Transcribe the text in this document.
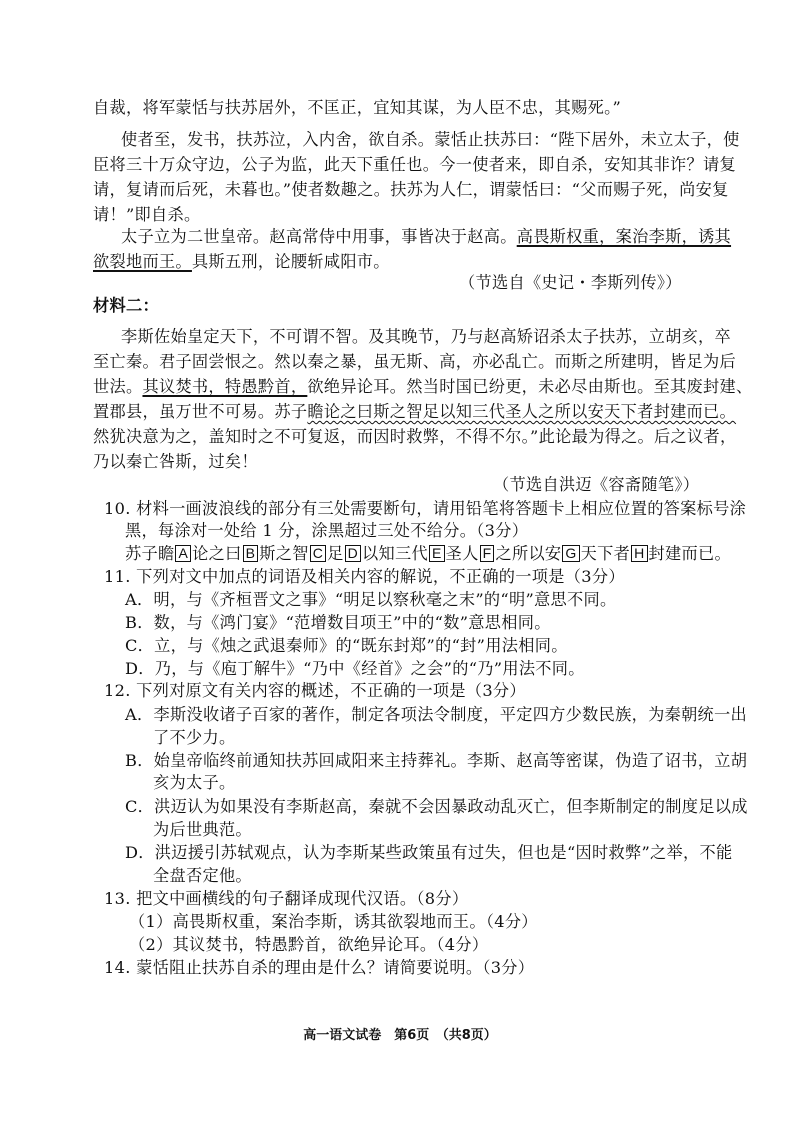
自裁，将军蒙恬与扶苏居外，不匡正，宜知其谋，为人臣不忠，其赐死。”
使者至，发书，扶苏泣，入内舍，欲自杀。蒙恬止扶苏曰：“陛下居外，未立太子，使
臣将三十万众守边，公子为监，此天下重任也。今一使者来，即自杀，安知其非诈？请复
请，复请而后死，未暮也。”使者数趣之。扶苏为人仁，谓蒙恬曰：“父而赐子死，尚安复
请！”即自杀。
太子立为二世皇帝。赵高常侍中用事，事皆决于赵高。高畏斯权重，案治李斯，诱其
欲裂地而王。具斯五刑，论腰斩咸阳市。
（节选自《史记・李斯列传》）
材料二：
李斯佐始皇定天下，不可谓不智。及其晚节，乃与赵高矫诏杀太子扶苏，立胡亥，卒
至亡秦。君子固尝恨之。然以秦之暴，虽无斯、高，亦必乱亡。而斯之所建明，皆足为后
世法。其议焚书，特愚黔首，欲绝异论耳。然当时国已纷更，未必尽由斯也。至其废封建、
置郡县，虽万世不可易。苏子瞻论之曰斯之智足以知三代圣人之所以安天下者封建而已。
然犹决意为之，盖知时之不可复返，而因时救弊，不得不尔。”此论最为得之。后之议者，
乃以秦亡咎斯，过矣！
（节选自洪迈《容斋随笔》）
10. 材料一画波浪线的部分有三处需要断句，请用铅笔将答题卡上相应位置的答案标号涂
黑，每涂对一处给 1 分，涂黑超过三处不给分。（3分）
苏子瞻 A 论之曰 B 斯之智 C 足 D 以知三代 E 圣人 F 之所以安 G 天下者 H 封建而已。
11. 下列对文中加点的词语及相关内容的解说，不正确的一项是（3分）
A．明，与《齐桓晋文之事》“明足以察秋毫之末”的“明”意思不同。
B．数，与《鸿门宴》“范增数目项王”中的“数”意思相同。
C．立，与《烛之武退秦师》的“既东封郑”的“封”用法相同。
D．乃，与《庖丁解牛》“乃中《经首》之会”的“乃”用法不同。
12. 下列对原文有关内容的概述，不正确的一项是（3分）
A．李斯没收诸子百家的著作，制定各项法令制度，平定四方少数民族，为秦朝统一出
了不少力。
B．始皇帝临终前通知扶苏回咸阳来主持葬礼。李斯、赵高等密谋，伪造了诏书，立胡
亥为太子。
C．洪迈认为如果没有李斯赵高，秦就不会因暴政动乱灭亡，但李斯制定的制度足以成
为后世典范。
D．洪迈援引苏轼观点，认为李斯某些政策虽有过失，但也是“因时救弊”之举，不能
全盘否定他。
13. 把文中画横线的句子翻译成现代汉语。（8分）
（1）高畏斯权重，案治李斯，诱其欲裂地而王。（4分）
（2）其议焚书，特愚黔首，欲绝异论耳。（4分）
14. 蒙恬阻止扶苏自杀的理由是什么？请简要说明。（3分）
高一语文试卷　第6页　（共8页）
